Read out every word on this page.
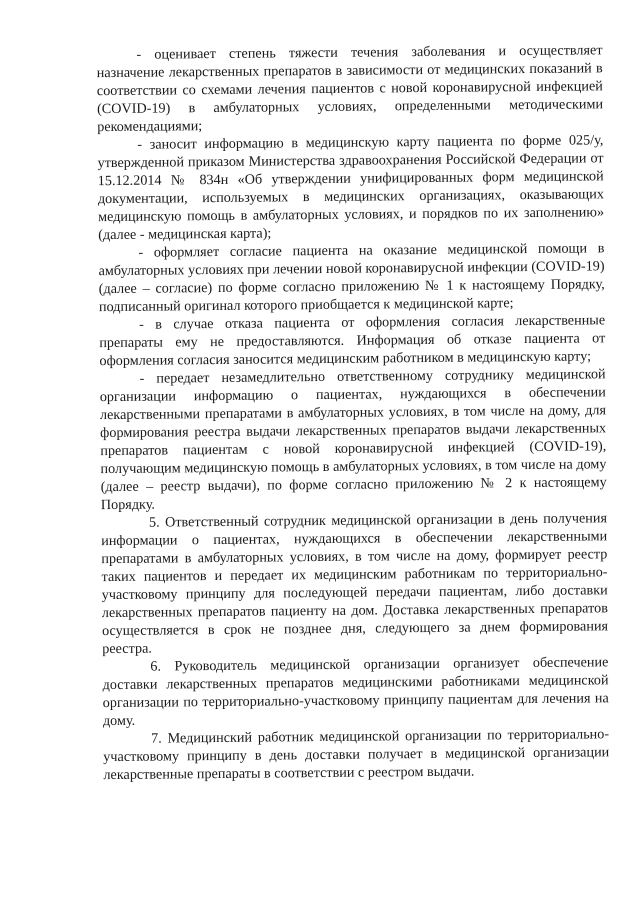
- оценивает степень тяжести течения заболевания и осуществляет назначение лекарственных препаратов в зависимости от медицинских показаний в соответствии со схемами лечения пациентов с новой коронавирусной инфекцией (COVID-19) в амбулаторных условиях, определенными методическими рекомендациями;

- заносит информацию в медицинскую карту пациента по форме 025/у, утвержденной приказом Министерства здравоохранения Российской Федерации от 15.12.2014 № 834н «Об утверждении унифицированных форм медицинской документации, используемых в медицинских организациях, оказывающих медицинскую помощь в амбулаторных условиях, и порядков по их заполнению» (далее - медицинская карта);

- оформляет согласие пациента на оказание медицинской помощи в амбулаторных условиях при лечении новой коронавирусной инфекции (COVID-19) (далее – согласие) по форме согласно приложению № 1 к настоящему Порядку, подписанный оригинал которого приобщается к медицинской карте;

- в случае отказа пациента от оформления согласия лекарственные препараты ему не предоставляются. Информация об отказе пациента от оформления согласия заносится медицинским работником в медицинскую карту;

- передает незамедлительно ответственному сотруднику медицинской организации информацию о пациентах, нуждающихся в обеспечении лекарственными препаратами в амбулаторных условиях, в том числе на дому, для формирования реестра выдачи лекарственных препаратов выдачи лекарственных препаратов пациентам с новой коронавирусной инфекцией (COVID-19), получающим медицинскую помощь в амбулаторных условиях, в том числе на дому (далее – реестр выдачи), по форме согласно приложению № 2 к настоящему Порядку.

5. Ответственный сотрудник медицинской организации в день получения информации о пациентах, нуждающихся в обеспечении лекарственными препаратами в амбулаторных условиях, в том числе на дому, формирует реестр таких пациентов и передает их медицинским работникам по территориально-участковому принципу для последующей передачи пациентам, либо доставки лекарственных препаратов пациенту на дом. Доставка лекарственных препаратов осуществляется в срок не позднее дня, следующего за днем формирования реестра.

6. Руководитель медицинской организации организует обеспечение доставки лекарственных препаратов медицинскими работниками медицинской организации по территориально-участковому принципу пациентам для лечения на дому.

7. Медицинский работник медицинской организации по территориально-участковому принципу в день доставки получает в медицинской организации лекарственные препараты в соответствии с реестром выдачи.
